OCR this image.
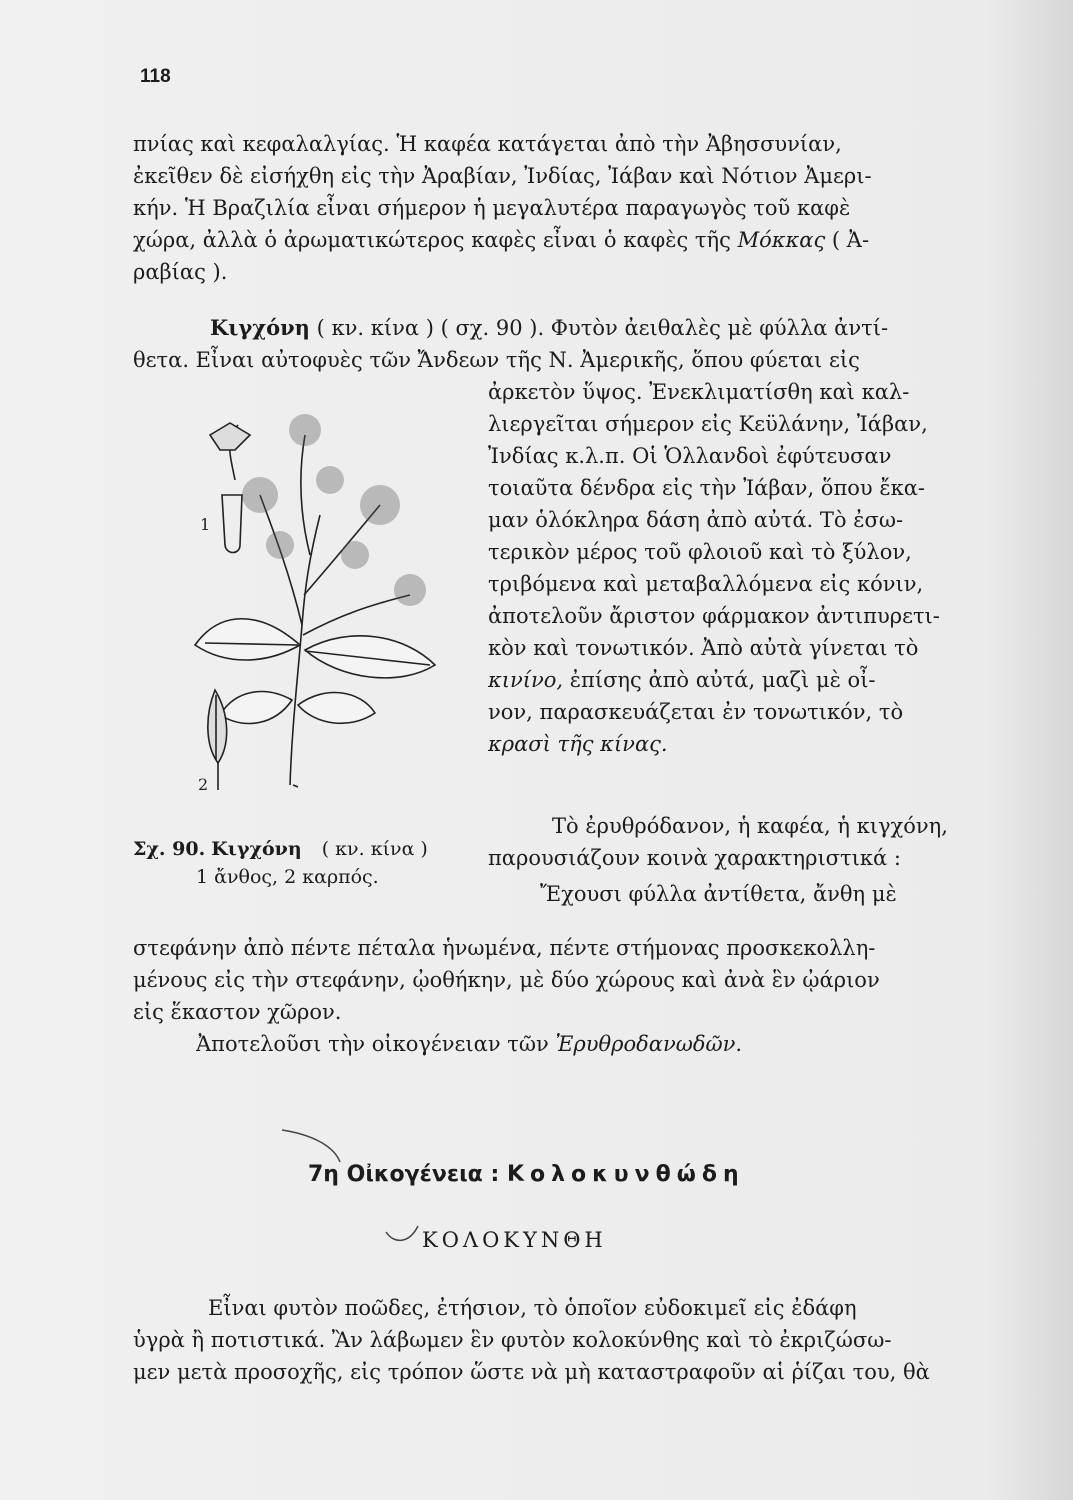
118
πνίας καὶ κεφαλαλγίας. Ἡ καφέα κατάγεται ἀπὸ τὴν Ἀβησσυνίαν,
ἐκεῖθεν δὲ εἰσήχθη εἰς τὴν Ἀραβίαν, Ἰνδίας, Ἰάβαν καὶ Νότιον Ἀμερι-
κήν. Ἡ Βραζιλία εἶναι σήμερον ἡ μεγαλυτέρα παραγωγὸς τοῦ καφὲ
χώρα, ἀλλὰ ὁ ἀρωματικώτερος καφὲς εἶναι ὁ καφὲς τῆς Μόκκας ( Ἀ-
ραβίας ).
Κιγχόνη ( κν. κίνα ) ( σχ. 90 ). Φυτὸν ἀειθαλὲς μὲ φύλλα ἀντί-
θετα. Εἶναι αὐτοφυὲς τῶν Ἄνδεων τῆς Ν. Ἀμερικῆς, ὅπου φύεται εἰς
ἀρκετὸν ὕψος. Ἐνεκλιματίσθη καὶ καλ-
λιεργεῖται σήμερον εἰς Κεϋλάνην, Ἰάβαν,
Ἰνδίας κ.λ.π. Οἱ Ὁλλανδοὶ ἐφύτευσαν
τοιαῦτα δένδρα εἰς τὴν Ἰάβαν, ὅπου ἔκα-
μαν ὁλόκληρα δάση ἀπὸ αὐτά. Τὸ ἐσω-
τερικὸν μέρος τοῦ φλοιοῦ καὶ τὸ ξύλον,
τριβόμενα καὶ μεταβαλλόμενα εἰς κόνιν,
ἀποτελοῦν ἄριστον φάρμακον ἀντιπυρετι-
κὸν καὶ τονωτικόν. Ἀπὸ αὐτὰ γίνεται τὸ
κινίνο, ἐπίσης ἀπὸ αὐτά, μαζὶ μὲ οἶ-
νον, παρασκευάζεται ἐν τονωτικόν, τὸ
κρασὶ τῆς κίνας.
Τὸ ἐρυθρόδανον, ἡ καφέα, ἡ κιγχόνη,
παρουσιάζουν κοινὰ χαρακτηριστικά :
Ἔχουσι φύλλα ἀντίθετα, ἄνθη μὲ
1
2
Σχ. 90. Κιγχόνη ( κν. κίνα )
1 ἄνθος, 2 καρπός.
στεφάνην ἀπὸ πέντε πέταλα ἡνωμένα, πέντε στήμονας προσκεκολλη-
μένους εἰς τὴν στεφάνην, ᾠοθήκην, μὲ δύο χώρους καὶ ἀνὰ ἓν ᾠάριον
εἰς ἕκαστον χῶρον.
Ἀποτελοῦσι τὴν οἰκογένειαν τῶν Ἐρυθροδανωδῶν.
7η Οἰκογένεια : Κολοκυνθώδη
ΚΟΛΟΚΥΝΘΗ
Εἶναι φυτὸν ποῶδες, ἐτήσιον, τὸ ὁποῖον εὐδοκιμεῖ εἰς ἐδάφη
ὑγρὰ ἢ ποτιστικά. Ἂν λάβωμεν ἓν φυτὸν κολοκύνθης καὶ τὸ ἐκριζώσω-
μεν μετὰ προσοχῆς, εἰς τρόπον ὥστε νὰ μὴ καταστραφοῦν αἱ ῥίζαι του, θὰ
